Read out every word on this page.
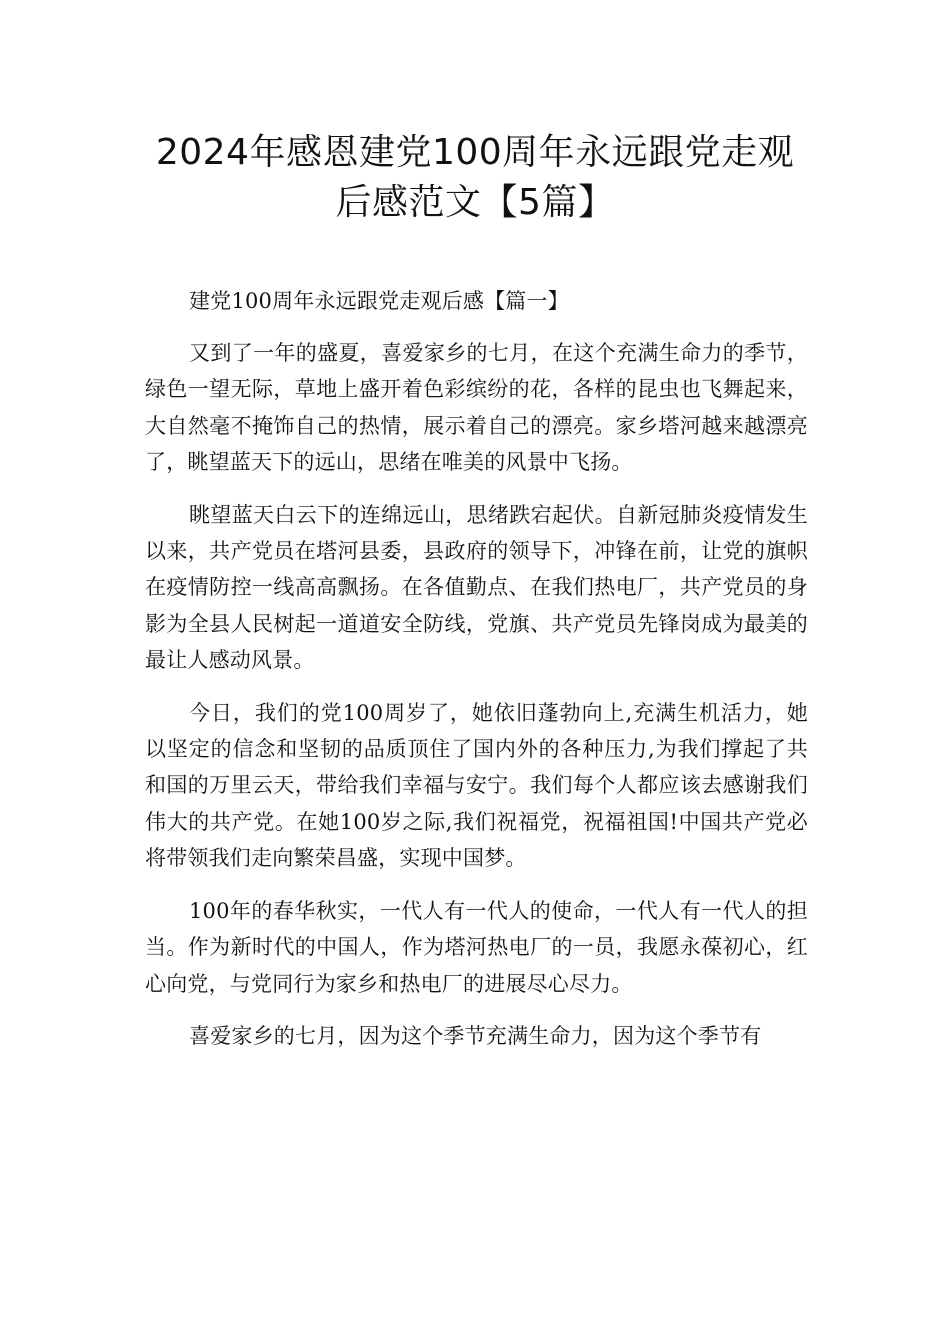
2024年感恩建党100周年永远跟党走观
后感范文【5篇】

建党100周年永远跟党走观后感【篇一】

又到了一年的盛夏，喜爱家乡的七月，在这个充满生命力的季节，绿色一望无际，草地上盛开着色彩缤纷的花，各样的昆虫也飞舞起来，大自然毫不掩饰自己的热情，展示着自己的漂亮。家乡塔河越来越漂亮了，眺望蓝天下的远山，思绪在唯美的风景中飞扬。

眺望蓝天白云下的连绵远山，思绪跌宕起伏。自新冠肺炎疫情发生以来，共产党员在塔河县委，县政府的领导下，冲锋在前，让党的旗帜在疫情防控一线高高飘扬。在各值勤点、在我们热电厂，共产党员的身影为全县人民树起一道道安全防线，党旗、共产党员先锋岗成为最美的最让人感动风景。

今日，我们的党100周岁了，她依旧蓬勃向上,充满生机活力，她以坚定的信念和坚韧的品质顶住了国内外的各种压力,为我们撑起了共和国的万里云天，带给我们幸福与安宁。我们每个人都应该去感谢我们伟大的共产党。在她100岁之际,我们祝福党，祝福祖国!中国共产党必将带领我们走向繁荣昌盛，实现中国梦。

100年的春华秋实，一代人有一代人的使命，一代人有一代人的担当。作为新时代的中国人，作为塔河热电厂的一员，我愿永葆初心，红心向党，与党同行为家乡和热电厂的进展尽心尽力。

喜爱家乡的七月，因为这个季节充满生命力，因为这个季节有
